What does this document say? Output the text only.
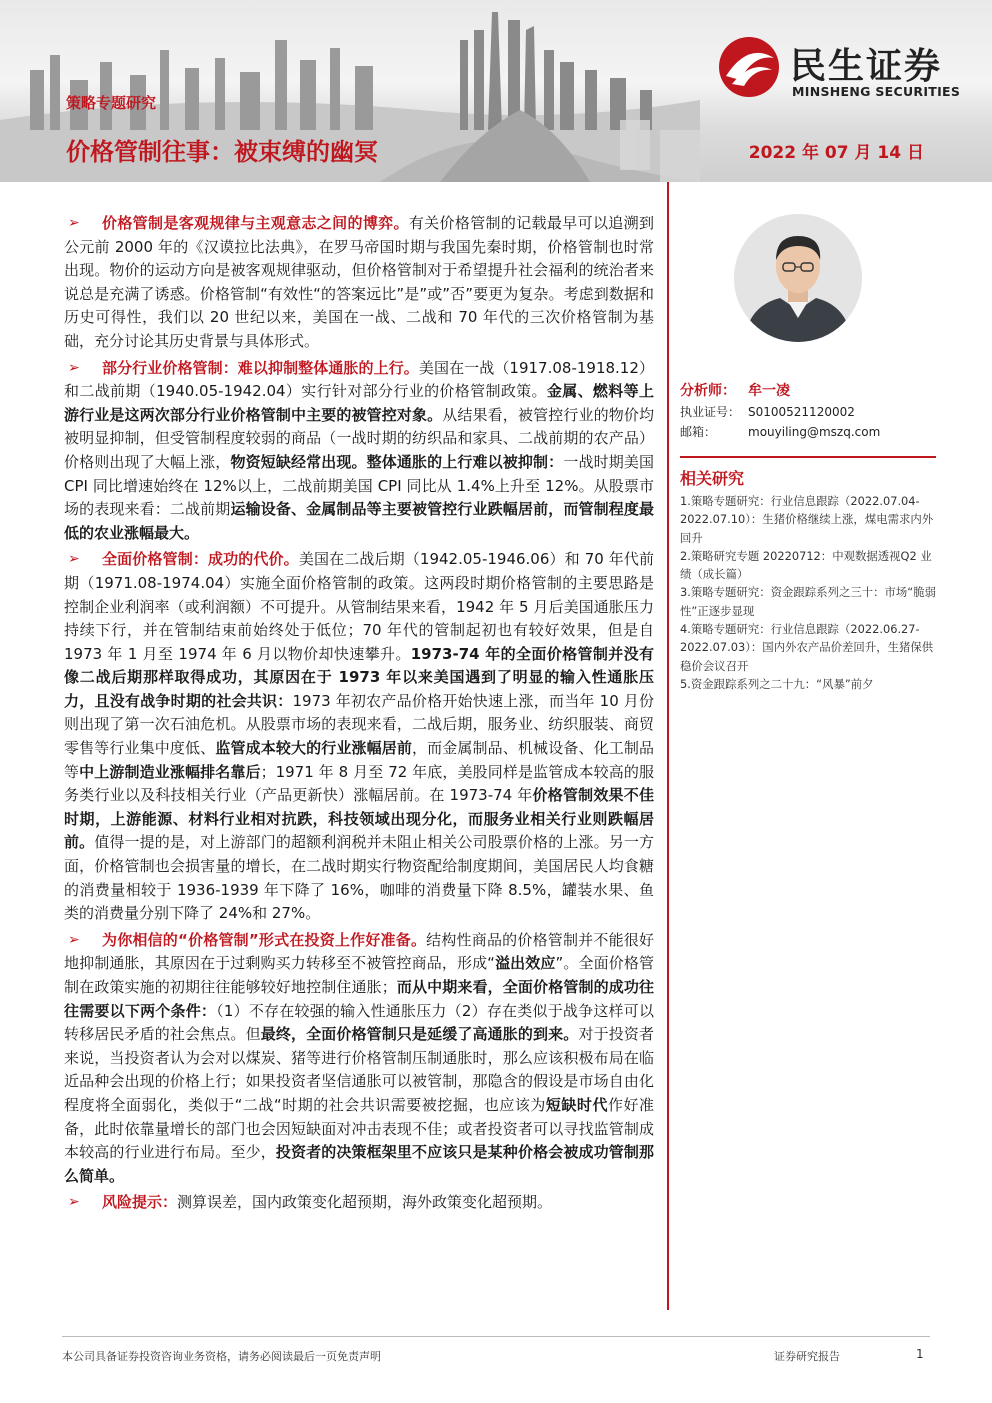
民生证券
MINSHENG SECURITIES
策略专题研究
价格管制往事：被束缚的幽冥	2022 年 07 月 14 日
➢ 价格管制是客观规律与主观意志之间的博弈。有关价格管制的记载最早可以追溯到公元前 2000 年的《汉谟拉比法典》，在罗马帝国时期与我国先秦时期，价格管制也时常出现。物价的运动方向是被客观规律驱动，但价格管制对于希望提升社会福利的统治者来说总是充满了诱惑。价格管制“有效性“的答案远比”是”或”否”要更为复杂。考虑到数据和历史可得性，我们以 20 世纪以来，美国在一战、二战和 70 年代的三次价格管制为基础，充分讨论其历史背景与具体形式。
➢ 部分行业价格管制：难以抑制整体通胀的上行。美国在一战（1917.08-1918.12）和二战前期（1940.05-1942.04）实行针对部分行业的价格管制政策。金属、燃料等上游行业是这两次部分行业价格管制中主要的被管控对象。从结果看，被管控行业的物价均被明显抑制，但受管制程度较弱的商品（一战时期的纺织品和家具、二战前期的农产品）价格则出现了大幅上涨，物资短缺经常出现。整体通胀的上行难以被抑制：一战时期美国 CPI 同比增速始终在 12%以上，二战前期美国 CPI 同比从 1.4%上升至 12%。从股票市场的表现来看：二战前期运输设备、金属制品等主要被管控行业跌幅居前，而管制程度最低的农业涨幅最大。
➢ 全面价格管制：成功的代价。美国在二战后期（1942.05-1946.06）和 70 年代前期（1971.08-1974.04）实施全面价格管制的政策。这两段时期价格管制的主要思路是控制企业利润率（或利润额）不可提升。从管制结果来看，1942 年 5 月后美国通胀压力持续下行，并在管制结束前始终处于低位；70 年代的管制起初也有较好效果，但是自 1973 年 1 月至 1974 年 6 月以物价却快速攀升。1973-74 年的全面价格管制并没有像二战后期那样取得成功，其原因在于 1973 年以来美国遇到了明显的输入性通胀压力，且没有战争时期的社会共识：1973 年初农产品价格开始快速上涨，而当年 10 月份则出现了第一次石油危机。从股票市场的表现来看，二战后期，服务业、纺织服装、商贸零售等行业集中度低、监管成本较大的行业涨幅居前，而金属制品、机械设备、化工制品等中上游制造业涨幅排名靠后；1971 年 8 月至 72 年底，美股同样是监管成本较高的服务类行业以及科技相关行业（产品更新快）涨幅居前。在 1973-74 年价格管制效果不佳时期，上游能源、材料行业相对抗跌，科技领域出现分化，而服务业相关行业则跌幅居前。值得一提的是，对上游部门的超额利润税并未阻止相关公司股票价格的上涨。另一方面，价格管制也会损害量的增长，在二战时期实行物资配给制度期间，美国居民人均食糖的消费量相较于 1936-1939 年下降了 16%，咖啡的消费量下降 8.5%，罐装水果、鱼类的消费量分别下降了 24%和 27%。
➢ 为你相信的“价格管制”形式在投资上作好准备。结构性商品的价格管制并不能很好地抑制通胀，其原因在于过剩购买力转移至不被管控商品，形成“溢出效应”。全面价格管制在政策实施的初期往往能够较好地控制住通胀；而从中期来看，全面价格管制的成功往往需要以下两个条件：（1）不存在较强的输入性通胀压力（2）存在类似于战争这样可以转移居民矛盾的社会焦点。但最终，全面价格管制只是延缓了高通胀的到来。对于投资者来说，当投资者认为会对以煤炭、猪等进行价格管制压制通胀时，那么应该积极布局在临近品种会出现的价格上行；如果投资者坚信通胀可以被管制，那隐含的假设是市场自由化程度将全面弱化，类似于“二战“时期的社会共识需要被挖掘，也应该为短缺时代作好准备，此时依靠量增长的部门也会因短缺面对冲击表现不佳；或者投资者可以寻找监管制成本较高的行业进行布局。至少，投资者的决策框架里不应该只是某种价格会被成功管制那么简单。
➢ 风险提示：测算误差，国内政策变化超预期，海外政策变化超预期。
分析师： 牟一凌
执业证号： S0100521120002
邮箱：	mouyiling@mszq.com
相关研究
1.策略专题研究：行业信息跟踪（2022.07.04-2022.07.10）：生猪价格继续上涨，煤电需求内外回升
2.策略研究专题 20220712：中观数据透视Q2 业绩（成长篇）
3.策略专题研究：资金跟踪系列之三十：市场“脆弱性”正逐步显现
4.策略专题研究：行业信息跟踪（2022.06.27-2022.07.03）：国内外农产品价差回升，生猪保供稳价会议召开
5.资金跟踪系列之二十九：“风暴”前夕
本公司具备证券投资咨询业务资格，请务必阅读最后一页免责声明	证券研究报告	1
